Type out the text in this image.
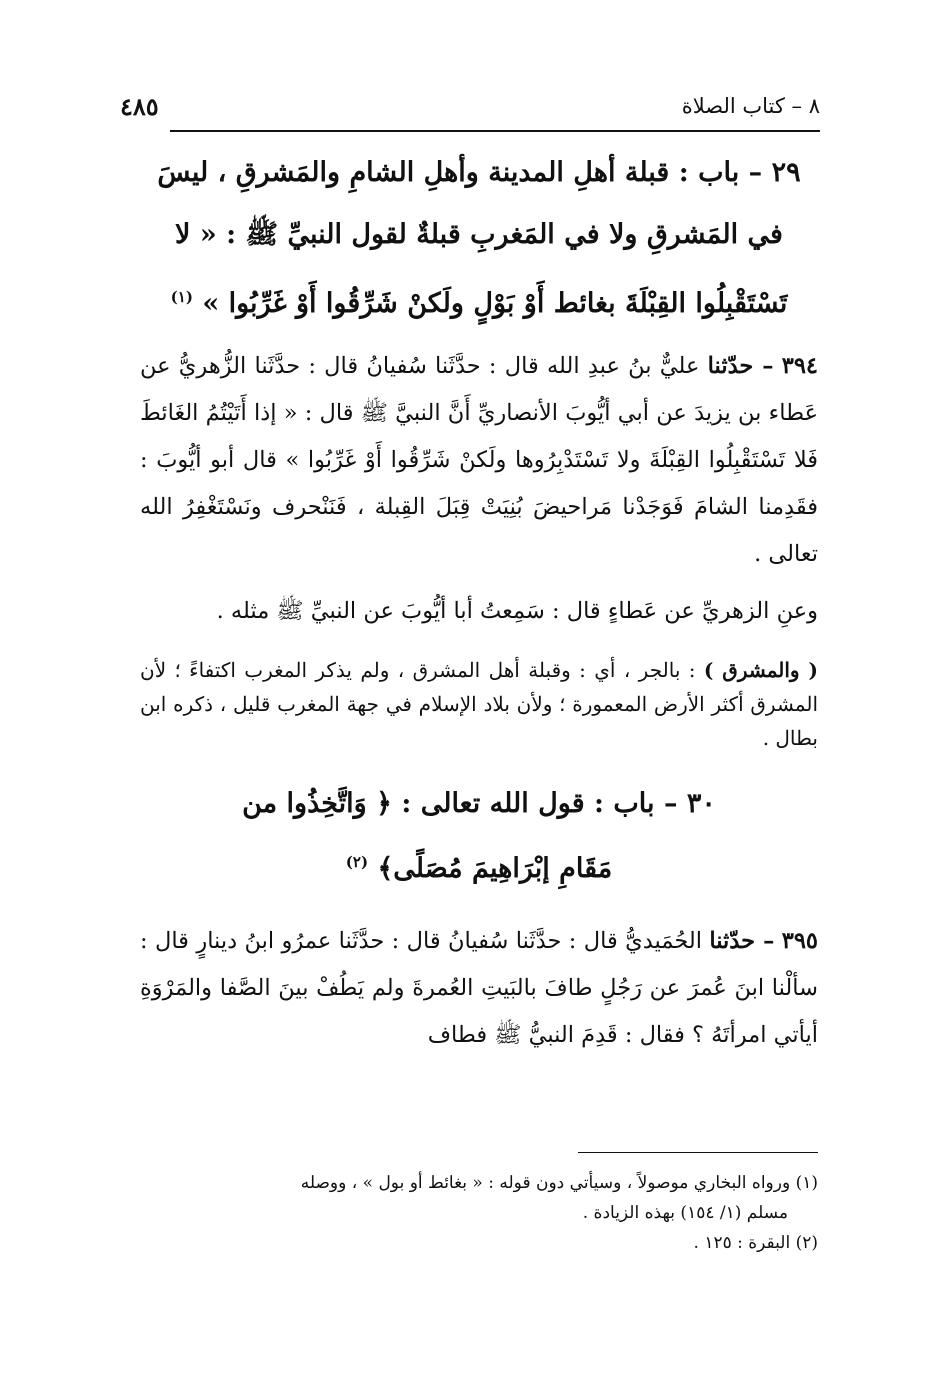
٨ – كتاب الصلاة
٤٨٥
٢٩ – باب : قبلة أهلِ المدينة وأهلِ الشامِ والمَشرقِ ، ليسَ في المَشرقِ ولا في المَغربِ قبلةٌ لقول النبيِّ ﷺ : « لا تَسْتَقْبِلُوا القِبْلَةَ بغائط أَوْ بَوْلٍ ولَكنْ شَرِّقُوا أَوْ غَرِّبُوا » $^{(١)}$

٣٩٤ – حدّثنا عليٌّ بنُ عبدِ الله قال : حدَّثَنا سُفيانُ قال : حدَّثَنا الزُّهريُّ عن عَطاء بن يزيدَ عن أبي أيُّوبَ الأنصاريِّ أَنَّ النبيَّ ﷺ قال : « إذا أَتَيْتُمُ الغَائطَ فَلا تَسْتَقْبِلُوا القِبْلَةَ ولا تَسْتَدْبِرُوها ولَكنْ شَرِّقُوا أَوْ غَرِّبُوا » قال أبو أيُّوبَ : فقَدِمنا الشامَ فَوَجَدْنا مَراحيضَ بُنِيَتْ قِبَلَ القِبلة ، فَنَنْحرف ونَسْتَغْفِرُ الله تعالى .

وعنِ الزهريِّ عن عَطاءٍ قال : سَمِعتُ أبا أيُّوبَ عن النبيِّ ﷺ مثله .

( والمشرق ) : بالجر ، أي : وقبلة أهل المشرق ، ولم يذكر المغرب اكتفاءً ؛ لأن المشرق أكثر الأرض المعمورة ؛ ولأن بلاد الإسلام في جهة المغرب قليل ، ذكره ابن بطال .

٣٠ – باب : قول الله تعالى : ﴿ وَاتَّخِذُوا من
مَقَامِ إبْرَاهِيمَ مُصَلًى﴾ $^{(٢)}$

٣٩٥ – حدّثنا الحُمَيديُّ قال : حدَّثَنا سُفيانُ قال : حدَّثَنا عمرُو ابنُ دينارٍ قال : سألْنا ابنَ عُمرَ عن رَجُلٍ طافَ بالبَيتِ العُمرةَ ولم يَطُفْ بينَ الصَّفا والمَرْوَةِ أيأتي امرأتَهُ ؟ فقال : قَدِمَ النبيُّ ﷺ فطاف

(١) ورواه البخاري موصولاً ، وسيأتي دون قوله : « بغائط أو بول » ، ووصله

مسلم (١/ ١٥٤) بهذه الزيادة .

(٢) البقرة : ١٢٥ .
